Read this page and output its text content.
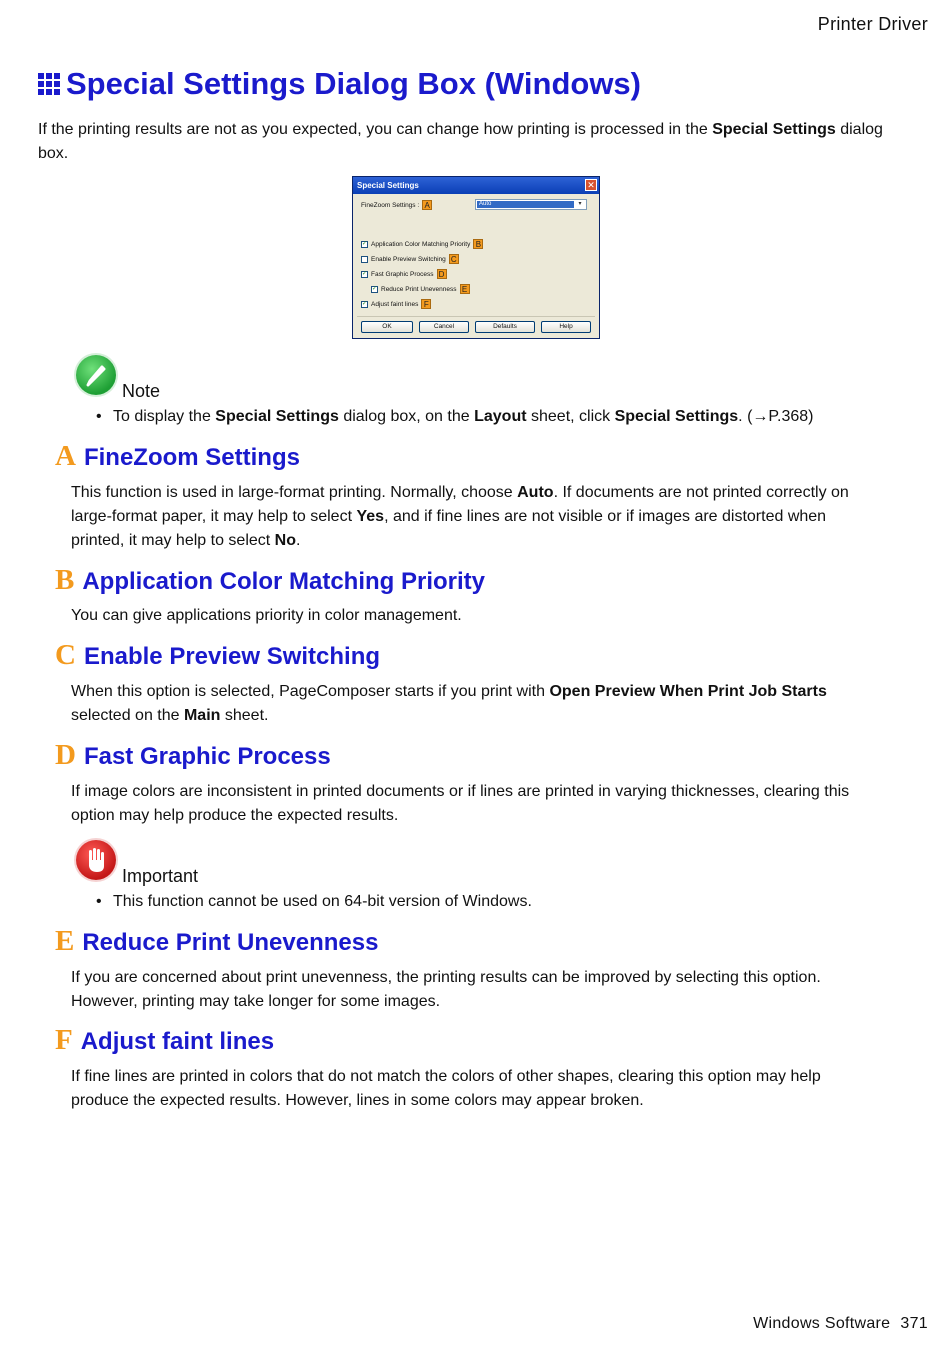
Printer Driver
Special Settings Dialog Box (Windows)
If the printing results are not as you expected, you can change how printing is processed in the Special Settings dialog box.
Special Settings	✕
FineZoom Settings : A	Auto	▾
✓ Application Color Matching Priority B
Enable Preview Switching C
✓ Fast Graphic Process D
✓ Reduce Print Unevenness E
✓ Adjust faint lines F
OK	Cancel	Defaults	Help
Note
• To display the Special Settings dialog box, on the Layout sheet, click Special Settings. (→P.368)
A FineZoom Settings
This function is used in large-format printing. Normally, choose Auto. If documents are not printed correctly on large-format paper, it may help to select Yes, and if fine lines are not visible or if images are distorted when printed, it may help to select No.
B Application Color Matching Priority
You can give applications priority in color management.
C Enable Preview Switching
When this option is selected, PageComposer starts if you print with Open Preview When Print Job Starts selected on the Main sheet.
D Fast Graphic Process
If image colors are inconsistent in printed documents or if lines are printed in varying thicknesses, clearing this option may help produce the expected results.
Important
• This function cannot be used on 64-bit version of Windows.
E Reduce Print Unevenness
If you are concerned about print unevenness, the printing results can be improved by selecting this option. However, printing may take longer for some images.
F Adjust faint lines
If fine lines are printed in colors that do not match the colors of other shapes, clearing this option may help produce the expected results. However, lines in some colors may appear broken.
Windows Software 371
